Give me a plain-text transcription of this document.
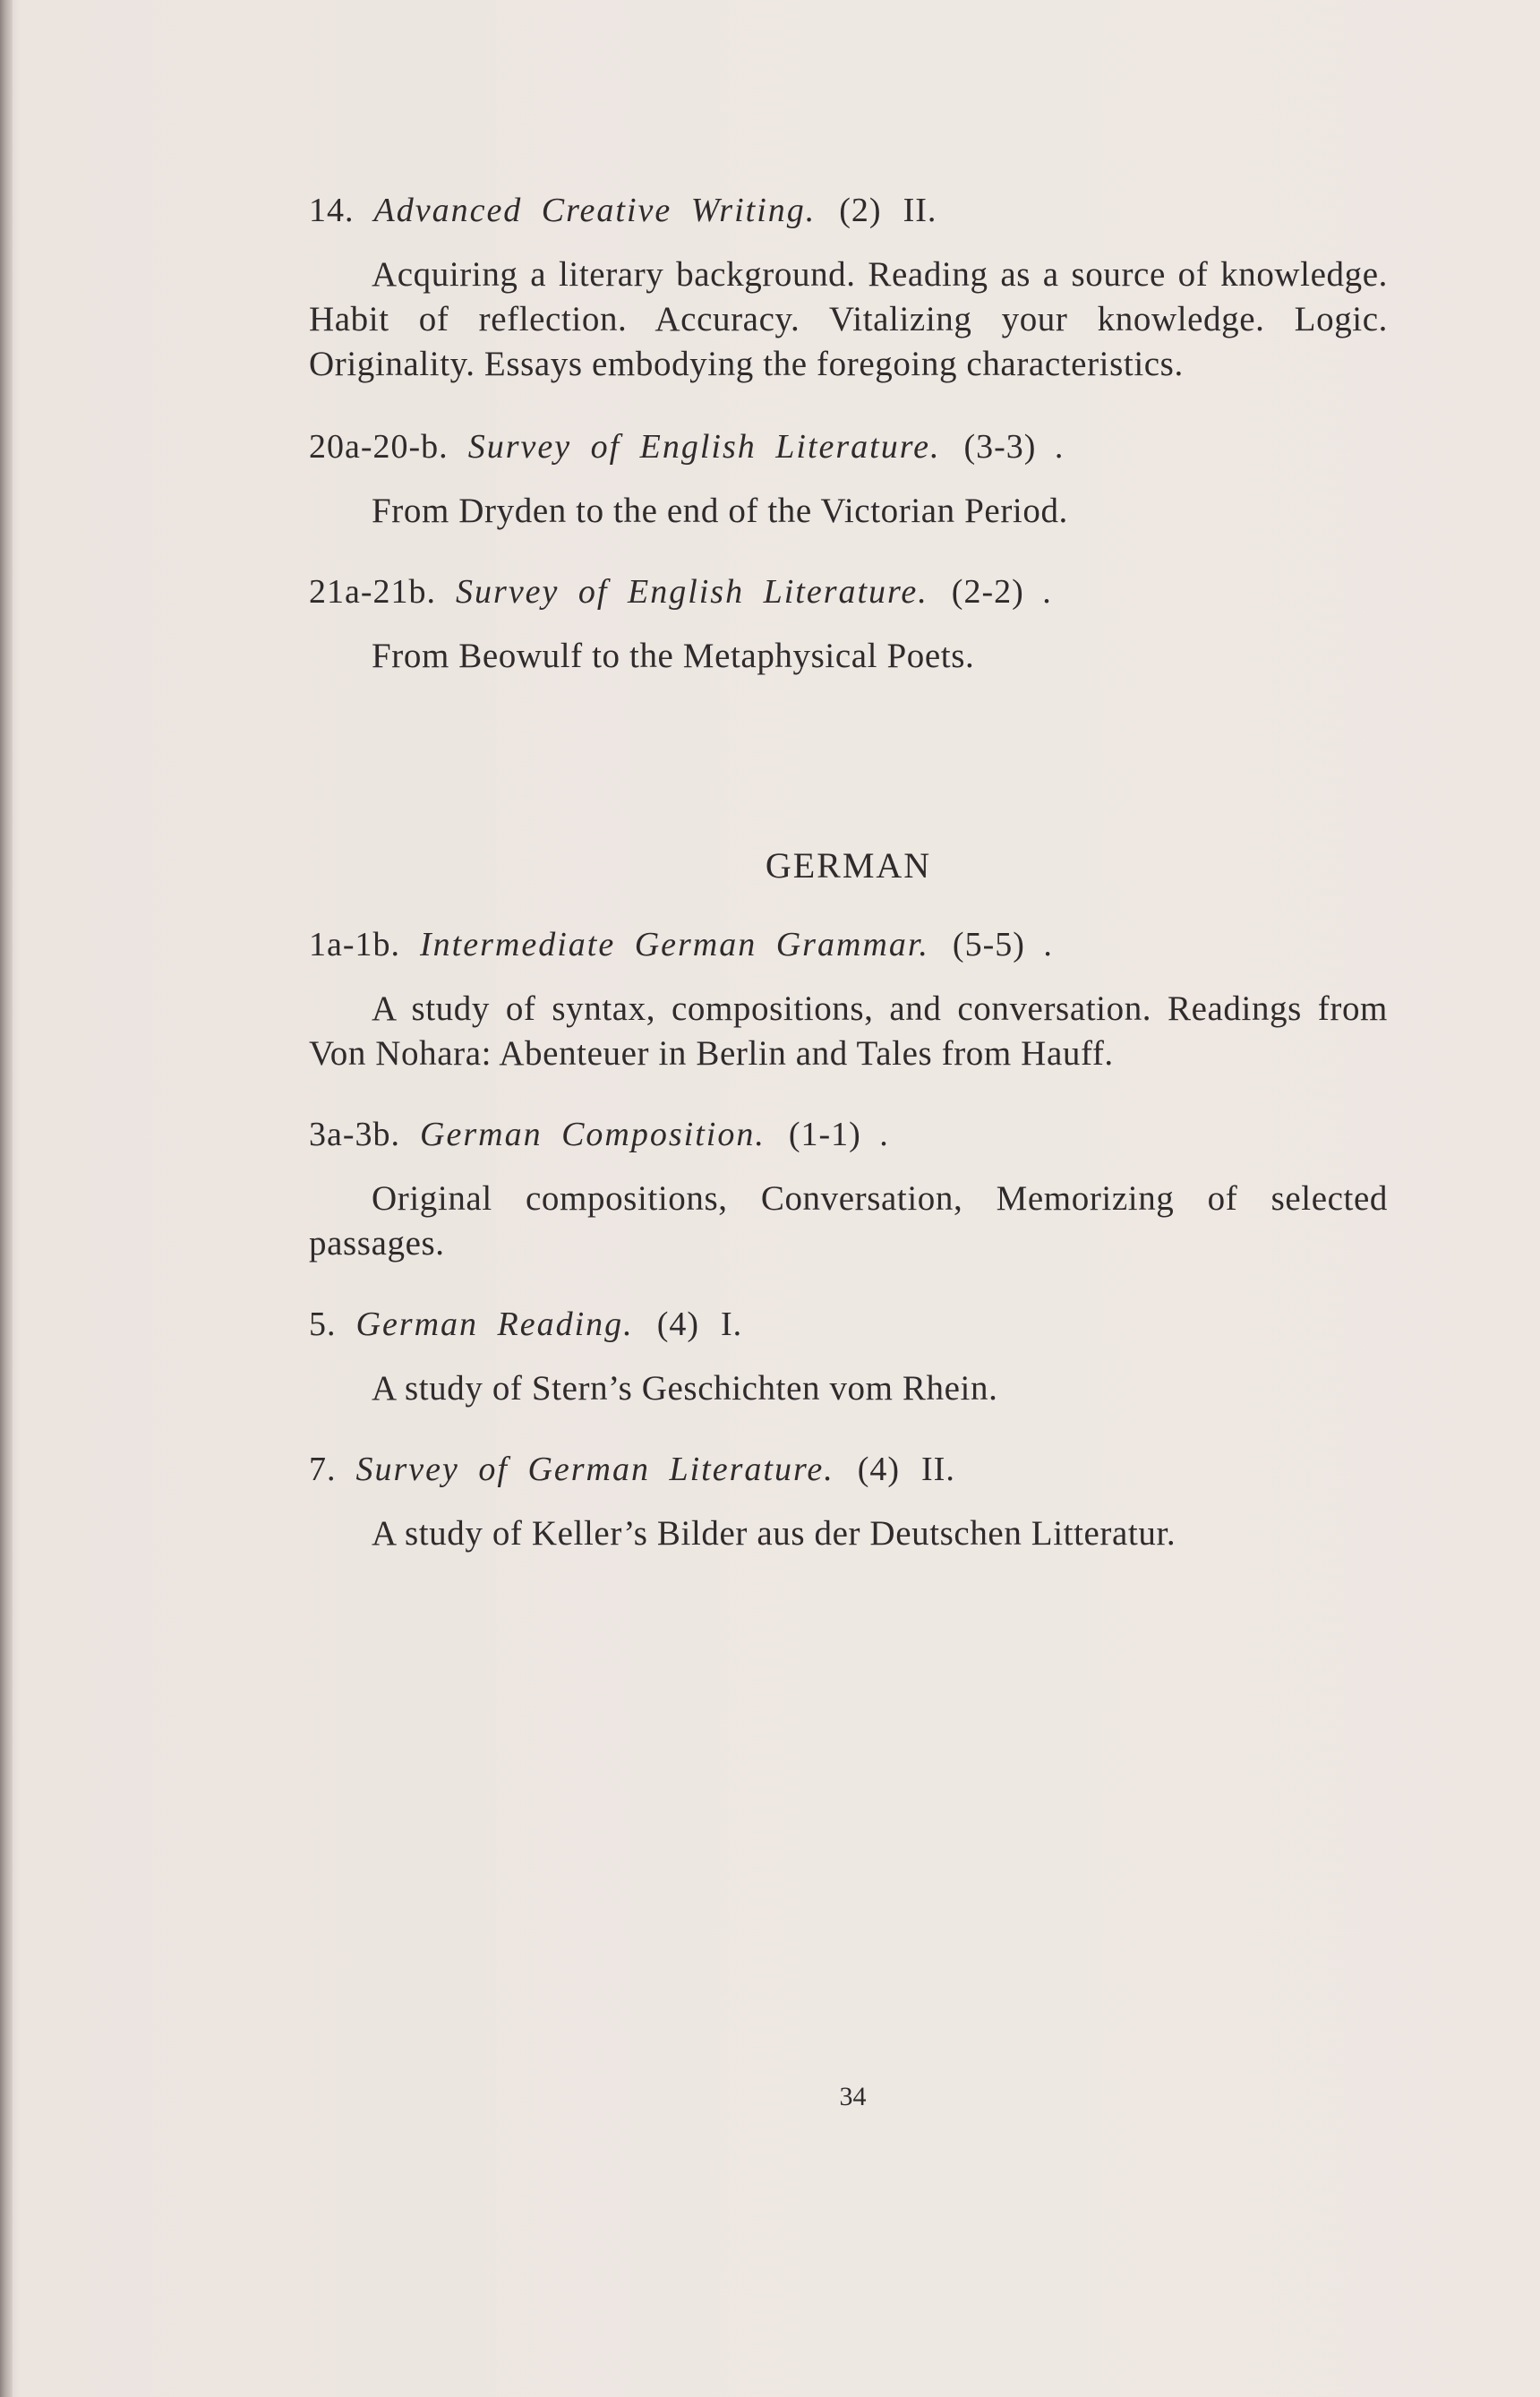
14. Advanced Creative Writing. (2) II.

Acquiring a literary background. Reading as a source of knowledge. Habit of reflection. Accuracy. Vitalizing your knowledge. Logic. Originality. Essays embodying the foregoing characteristics.

20a-20-b. Survey of English Literature. (3-3) .

From Dryden to the end of the Victorian Period.

21a-21b. Survey of English Literature. (2-2) .

From Beowulf to the Metaphysical Poets.

GERMAN

1a-1b. Intermediate German Grammar. (5-5) .

A study of syntax, compositions, and conversation. Readings from Von Nohara: Abenteuer in Berlin and Tales from Hauff.

3a-3b. German Composition. (1-1) .

Original compositions, Conversation, Memorizing of selected passages.

5. German Reading. (4) I.

A study of Stern’s Geschichten vom Rhein.

7. Survey of German Literature. (4) II.

A study of Keller’s Bilder aus der Deutschen Litteratur.

34
